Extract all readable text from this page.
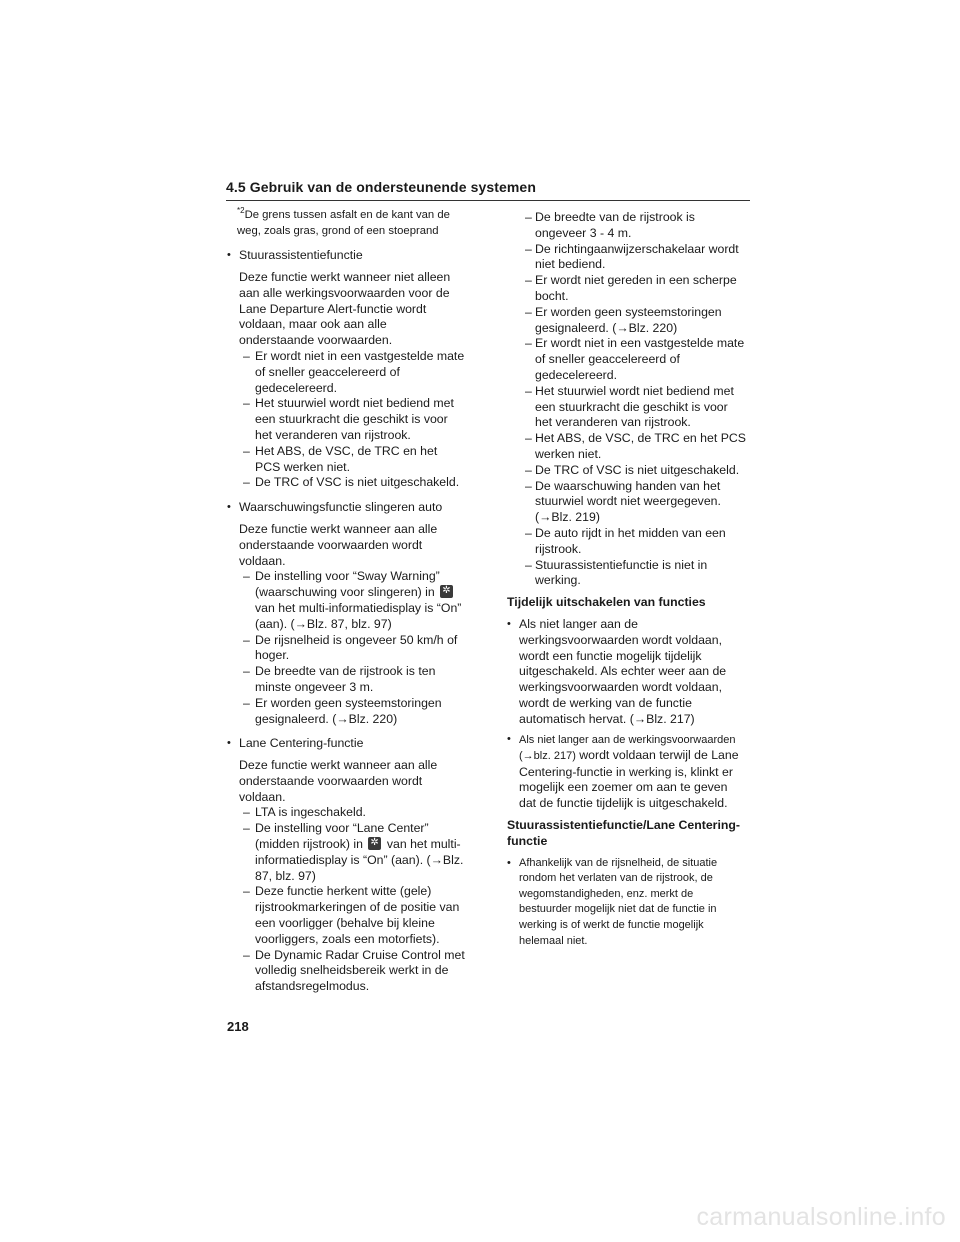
4.5 Gebruik van de ondersteunende systemen

$^{*2}$De grens tussen asfalt en de kant van de weg, zoals gras, grond of een stoeprand

• Stuurassistentiefunctie

Deze functie werkt wanneer niet alleen aan alle werkingsvoorwaarden voor de Lane Departure Alert-functie wordt voldaan, maar ook aan alle onderstaande voorwaarden.

– Er wordt niet in een vastgestelde mate of sneller geaccelereerd of gedecelereerd.

– Het stuurwiel wordt niet bediend met een stuurkracht die geschikt is voor het veranderen van rijstrook.

– Het ABS, de VSC, de TRC en het PCS werken niet.

– De TRC of VSC is niet uitgeschakeld.

• Waarschuwingsfunctie slingeren auto

Deze functie werkt wanneer aan alle onderstaande voorwaarden wordt voldaan.

– De instelling voor “Sway Warning” (waarschuwing voor slingeren) in ✲ van het multi-informatiedisplay is “On” (aan). (→Blz. 87, blz. 97)

– De rijsnelheid is ongeveer 50 km/h of hoger.

– De breedte van de rijstrook is ten minste ongeveer 3 m.

– Er worden geen systeemstoringen gesignaleerd. (→Blz. 220)

• Lane Centering-functie

Deze functie werkt wanneer aan alle onderstaande voorwaarden wordt voldaan.

– LTA is ingeschakeld.

– De instelling voor “Lane Center” (midden rijstrook) in ✲ van het multi-informatiedisplay is “On” (aan). (→Blz. 87, blz. 97)

– Deze functie herkent witte (gele) rijstrookmarkeringen of de positie van een voorligger (behalve bij kleine voorliggers, zoals een motorfiets).

– De Dynamic Radar Cruise Control met volledig snelheidsbereik werkt in de afstandsregelmodus.

– De breedte van de rijstrook is ongeveer 3 - 4 m.

– De richtingaanwijzerschakelaar wordt niet bediend.

– Er wordt niet gereden in een scherpe bocht.

– Er worden geen systeemstoringen gesignaleerd. (→Blz. 220)

– Er wordt niet in een vastgestelde mate of sneller geaccelereerd of gedecelereerd.

– Het stuurwiel wordt niet bediend met een stuurkracht die geschikt is voor het veranderen van rijstrook.

– Het ABS, de VSC, de TRC en het PCS werken niet.

– De TRC of VSC is niet uitgeschakeld.

– De waarschuwing handen van het stuurwiel wordt niet weergegeven. (→Blz. 219)

– De auto rijdt in het midden van een rijstrook.

– Stuurassistentiefunctie is niet in werking.

Tijdelijk uitschakelen van functies

• Als niet langer aan de werkingsvoorwaarden wordt voldaan, wordt een functie mogelijk tijdelijk uitgeschakeld. Als echter weer aan de werkingsvoorwaarden wordt voldaan, wordt de werking van de functie automatisch hervat. (→Blz. 217)

• Als niet langer aan de werkingsvoorwaarden (→blz. 217) wordt voldaan terwijl de Lane Centering-functie in werking is, klinkt er mogelijk een zoemer om aan te geven dat de functie tijdelijk is uitgeschakeld.

Stuurassistentiefunctie/Lane Centering-functie

• Afhankelijk van de rijsnelheid, de situatie rondom het verlaten van de rijstrook, de wegomstandigheden, enz. merkt de bestuurder mogelijk niet dat de functie in werking is of werkt de functie mogelijk helemaal niet.

218
carmanualsonline.info
